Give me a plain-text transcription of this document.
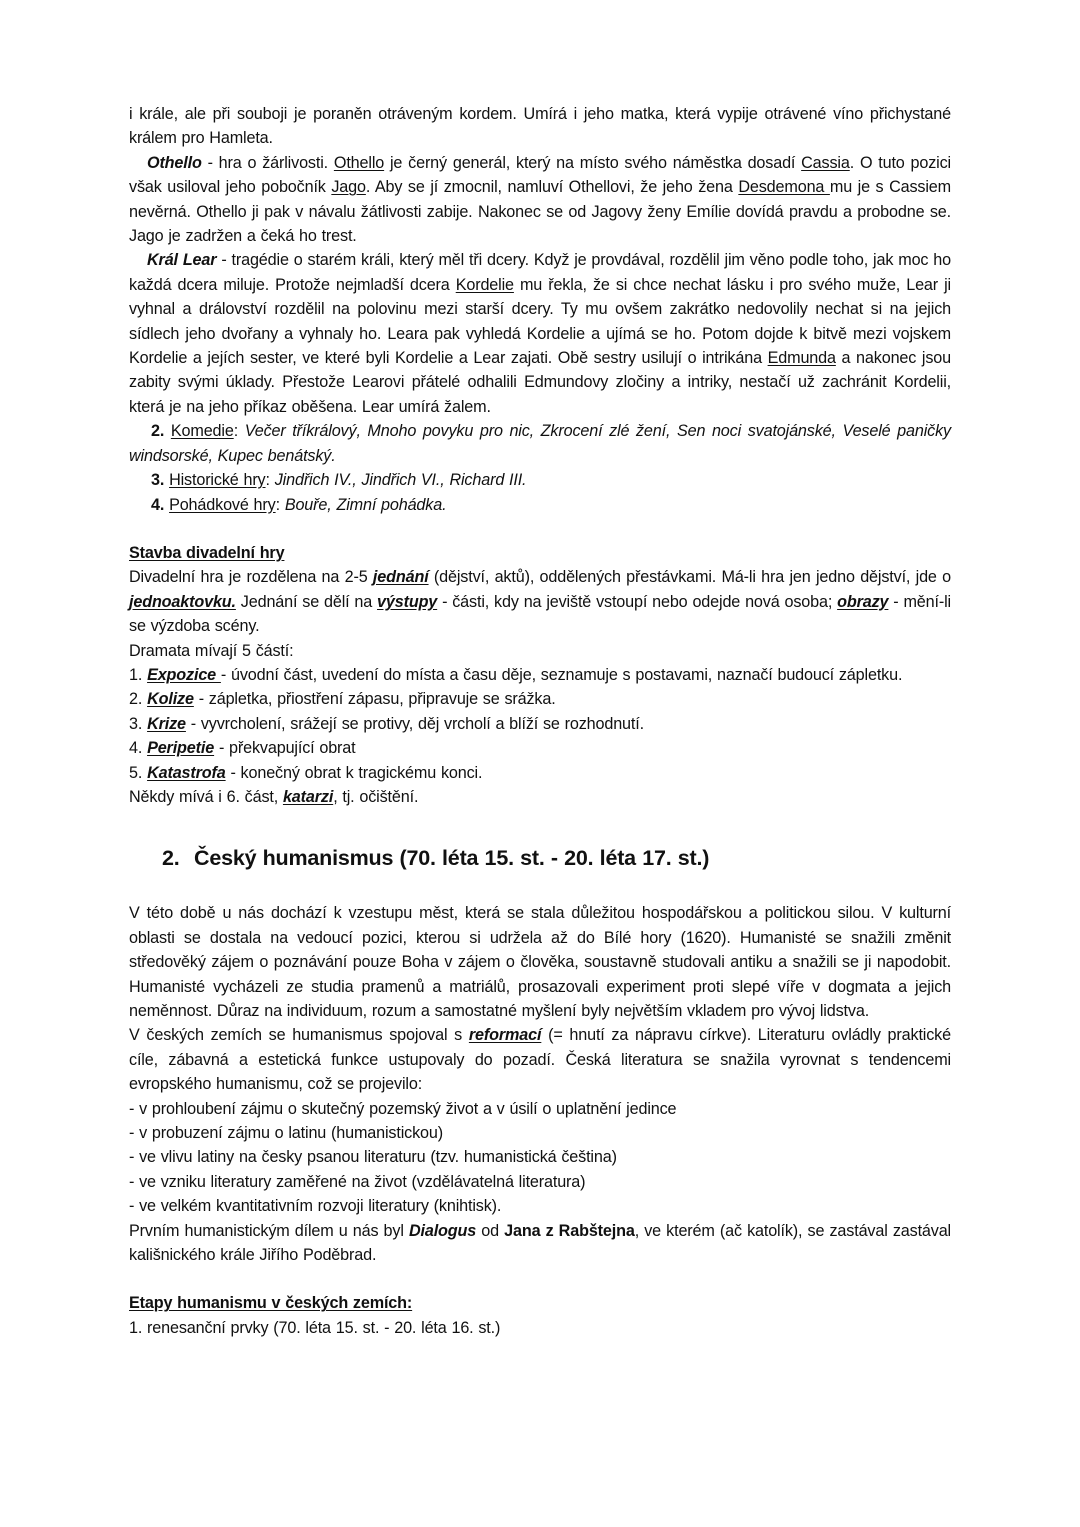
i krále, ale při souboji je poraněn otráveným kordem. Umírá i jeho matka, která vypije otrávené víno přichystané králem pro Hamleta.

Othello - hra o žárlivosti. Othello je černý generál, který na místo svého náměstka dosadí Cassia. O tuto pozici však usiloval jeho pobočník Jago. Aby se jí zmocnil, namluví Othellovi, že jeho žena Desdemona mu je s Cassiem nevěrná. Othello ji pak v návalu žátlivosti zabije. Nakonec se od Jagovy ženy Emílie dovídá pravdu a probodne se. Jago je zadržen a čeká ho trest.

Král Lear - tragédie o starém králi, který měl tři dcery. Když je provdával, rozdělil jim věno podle toho, jak moc ho každá dcera miluje. Protože nejmladší dcera Kordelie mu řekla, že si chce nechat lásku i pro svého muže, Lear ji vyhnal a drálovství rozdělil na polovinu mezi starší dcery. Ty mu ovšem zakrátko nedovolily nechat si na jejich sídlech jeho dvořany a vyhnaly ho. Leara pak vyhledá Kordelie a ujímá se ho. Potom dojde k bitvě mezi vojskem Kordelie a jejích sester, ve které byli Kordelie a Lear zajati. Obě sestry usilují o intrikána Edmunda a nakonec jsou zabity svými úklady. Přestože Learovi přátelé odhalili Edmundovy zločiny a intriky, nestačí už zachránit Kordelii, která je na jeho příkaz oběšena. Lear umírá žalem.

2. Komedie: Večer tříkrálový, Mnoho povyku pro nic, Zkrocení zlé žení, Sen noci svatojánské, Veselé paničky windsorské, Kupec benátský.

3. Historické hry: Jindřich IV., Jindřich VI., Richard III.

4. Pohádkové hry: Bouře, Zimní pohádka.

Stavba divadelní hry

Divadelní hra je rozdělena na 2-5 jednání (dějství, aktů), oddělených přestávkami. Má-li hra jen jedno dějství, jde o jednoaktovku. Jednání se dělí na výstupy - části, kdy na jeviště vstoupí nebo odejde nová osoba; obrazy - mění-li se výzdoba scény.

Dramata mívají 5 částí:

1. Expozice - úvodní část, uvedení do místa a času děje, seznamuje s postavami, naznačí budoucí zápletku.

2. Kolize - zápletka, přiostření zápasu, připravuje se srážka.

3. Krize - vyvrcholení, srážejí se protivy, děj vrcholí a blíží se rozhodnutí.

4. Peripetie - překvapující obrat

5. Katastrofa - konečný obrat k tragickému konci.

Někdy mívá i 6. část, katarzi, tj. očištění.

2. Český humanismus (70. léta 15. st. - 20. léta 17. st.)

V této době u nás dochází k vzestupu měst, která se stala důležitou hospodářskou a politickou silou. V kulturní oblasti se dostala na vedoucí pozici, kterou si udržela až do Bílé hory (1620). Humanisté se snažili změnit středověký zájem o poznávání pouze Boha v zájem o člověka, soustavně studovali antiku a snažili se ji napodobit. Humanisté vycházeli ze studia pramenů a matriálů, prosazovali experiment proti slepé víře v dogmata a jejich neměnnost. Důraz na individuum, rozum a samostatné myšlení byly největším vkladem pro vývoj lidstva.

V českých zemích se humanismus spojoval s reformací (= hnutí za nápravu církve). Literaturu ovládly praktické cíle, zábavná a estetická funkce ustupovaly do pozadí. Česká literatura se snažila vyrovnat s tendencemi evropského humanismu, což se projevilo:

- v prohloubení zájmu o skutečný pozemský život a v úsilí o uplatnění jedince

- v probuzení zájmu o latinu (humanistickou)

- ve vlivu latiny na česky psanou literaturu (tzv. humanistická čeština)

- ve vzniku literatury zaměřené na život (vzdělávatelná literatura)

- ve velkém kvantitativním rozvoji literatury (knihtisk).

Prvním humanistickým dílem u nás byl Dialogus od Jana z Rabštejna, ve kterém (ač katolík), se zastával zastával kališnického krále Jiřího Poděbrad.

Etapy humanismu v českých zemích:

1. renesanční prvky (70. léta 15. st. - 20. léta 16. st.)
